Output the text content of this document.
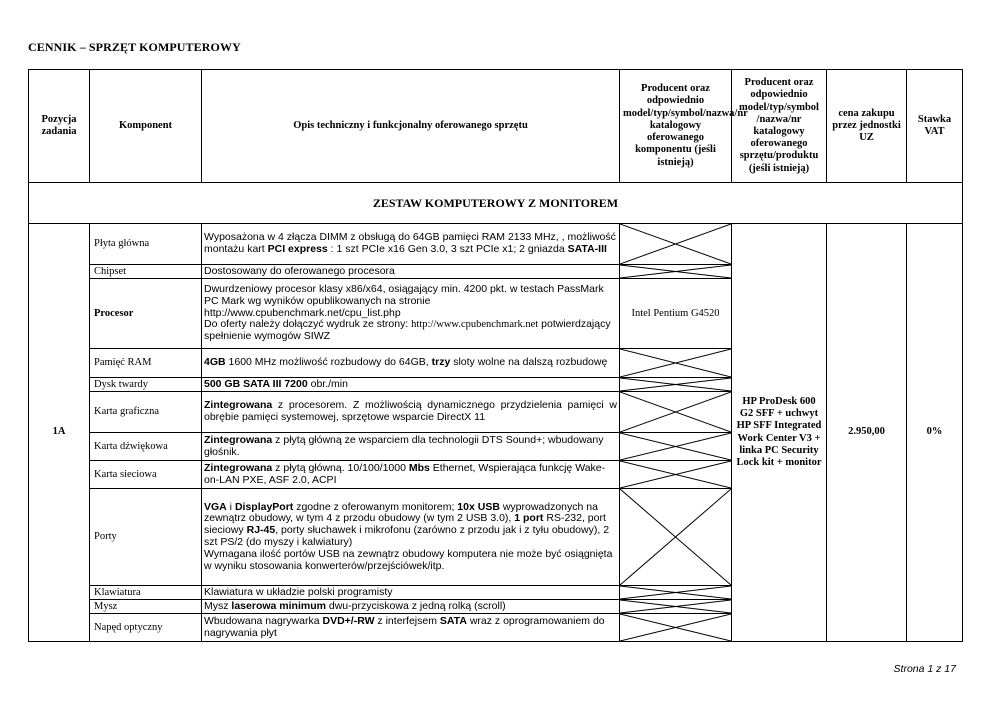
CENNIK – SPRZĘT KOMPUTEROWY
Pozycja zadania	Komponent	Opis techniczny i funkcjonalny oferowanego sprzętu	Producent oraz odpowiednio model/typ/symbol/nazwa/nr katalogowy oferowanego komponentu (jeśli istnieją)	Producent oraz odpowiednio model/typ/symbol /nazwa/nr katalogowy oferowanego sprzętu/produktu (jeśli istnieją)	cena zakupu przez jednostki UZ	Stawka VAT
ZESTAW KOMPUTEROWY Z MONITOREM						
1A	Płyta główna	Wyposażona w 4 złącza DIMM z obsługą do 64GB pamięci RAM 2133 MHz, , możliwość montażu kart PCI express : 1 szt PCIe x16 Gen 3.0, 3 szt PCIe x1; 2 gniazda SATA-III		HP ProDesk 600 G2 SFF + uchwyt HP SFF Integrated Work Center V3 + linka PC Security Lock kit + monitor	2.950,00	0%
	Chipset	Dostosowany do oferowanego procesora	

	Procesor	Dwurdzeniowy procesor klasy x86/x64, osiągający min. 4200 pkt. w testach PassMark PC Mark wg wyników opublikowanych na stronie http://www.cpubenchmark.net/cpu_list.php
Do oferty należy dołączyć wydruk ze strony: http://www.cpubenchmark.net potwierdzający spełnienie wymogów SIWZ	Intel Pentium G4520			
	Pamięć RAM	4GB 1600 MHz możliwość rozbudowy do 64GB, trzy sloty wolne na dalszą rozbudowę	

	Dysk twardy	500 GB SATA III 7200 obr./min	

	Karta graficzna	Zintegrowana z procesorem. Z możliwością dynamicznego przydzielenia pamięci w obrębie pamięci systemowej, sprzętowe wsparcie DirectX 11	

	Karta dźwiękowa	Zintegrowana z płytą główną ze wsparciem dla technologii DTS Sound+; wbudowany głośnik.	

	Karta sieciowa	Zintegrowana z płytą główną. 10/100/1000 Mbs Ethernet, Wspierająca funkcję Wake-on-LAN PXE, ASF 2.0, ACPI	

	Porty	VGA i DisplayPort zgodne z oferowanym monitorem; 10x USB wyprowadzonych na zewnątrz obudowy, w tym 4 z przodu obudowy (w tym 2 USB 3.0), 1 port RS-232, port sieciowy RJ-45, porty słuchawek i mikrofonu (zarówno z przodu jak i z tyłu obudowy), 2 szt PS/2 (do myszy i kalwiatury)
Wymagana ilość portów USB na zewnątrz obudowy komputera nie może być osiągnięta w wyniku stosowania konwerterów/przejściówek/itp.	

	Klawiatura	Klawiatura w układzie polski programisty	

	Mysz	Mysz laserowa minimum dwu-przyciskowa z jedną rolką (scroll)	

	Napęd optyczny	Wbudowana nagrywarka DVD+/-RW z interfejsem SATA wraz z oprogramowaniem do nagrywania płyt	
Strona 1 z 17
